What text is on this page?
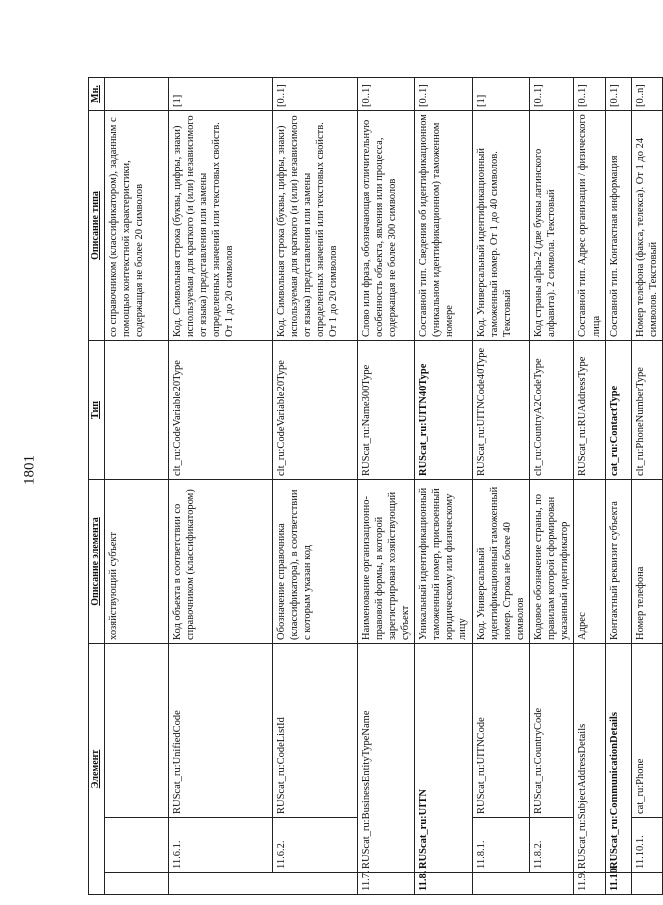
1801
Элемент			Описание элемента	Тип	Описание типа	Мн.
			хозяйствующий субъект		со справочником (классификатором), заданным с помощью контекстной характеристики, содержащая не более 20 символов	
	11.6.1.	RUScat_ru:UnifiedCode	Код объекта в соответствии со справочником (классификатором)	clt_ru:CodeVariable20Type	Код. Символьная строка (буквы, цифры, знаки) используемая для краткого (и (или) независимого от языка) представления или замены определенных значений или текстовых свойств. От 1 до 20 символов	[1]
	11.6.2.	RUScat_ru:CodeListId	Обозначение справочника (классификатора), в соответствии с которым указан код	clt_ru:CodeVariable20Type	Код. Символьная строка (буквы, цифры, знаки) используемая для краткого (и (или) независимого от языка) представления или замены определенных значений или текстовых свойств. От 1 до 20 символов	[0..1]
11.7.	RUScat_ru:BusinessEntityTypeName		Наименование организационно-правовой формы, в которой зарегистрирован хозяйствующий субъект	RUScat_ru:Name300Type	Слово или фраза, обозначающая отличительную особенность объекта, явления или процесса, содержащая не более 300 символов	[0..1]
11.8.	RUScat_ru:UITN		Уникальный идентификационный таможенный номер, присвоенный юридическому или физическому лицу	RUScat_ru:UITN40Type	Составной тип. Сведения об идентификационном (уникальном идентификационном) таможенном номере	[0..1]
	11.8.1.	RUScat_ru:UITNCode	Код. Универсальный идентификационный таможенный номер. Строка не более 40 символов	RUScat_ru:UITNCode40Type	Код. Универсальный идентификационный таможенный номер. От 1 до 40 символов. Текстовый	[1]
	11.8.2.	RUScat_ru:CountryCode	Кодовое обозначение страны, по правилам которой сформирован указанный идентификатор	clt_ru:CountryA2CodeType	Код страны alpha-2 (две буквы латинского алфавита). 2 символа. Текстовый	[0..1]
11.9.	RUScat_ru:SubjectAddressDetails		Адрес	RUScat_ru:RUAddressType	Составной тип. Адрес организации / физического лица	[0..1]
11.10.	RUScat_ru:CommunicationDetails		Контактный реквизит субъекта	cat_ru:ContactType	Составной тип. Контактная информация	[0..1]
	11.10.1.	cat_ru:Phone	Номер телефона	clt_ru:PhoneNumberType	Номер телефона (факса, телекса). От 1 до 24 символов. Текстовый	[0..n]
